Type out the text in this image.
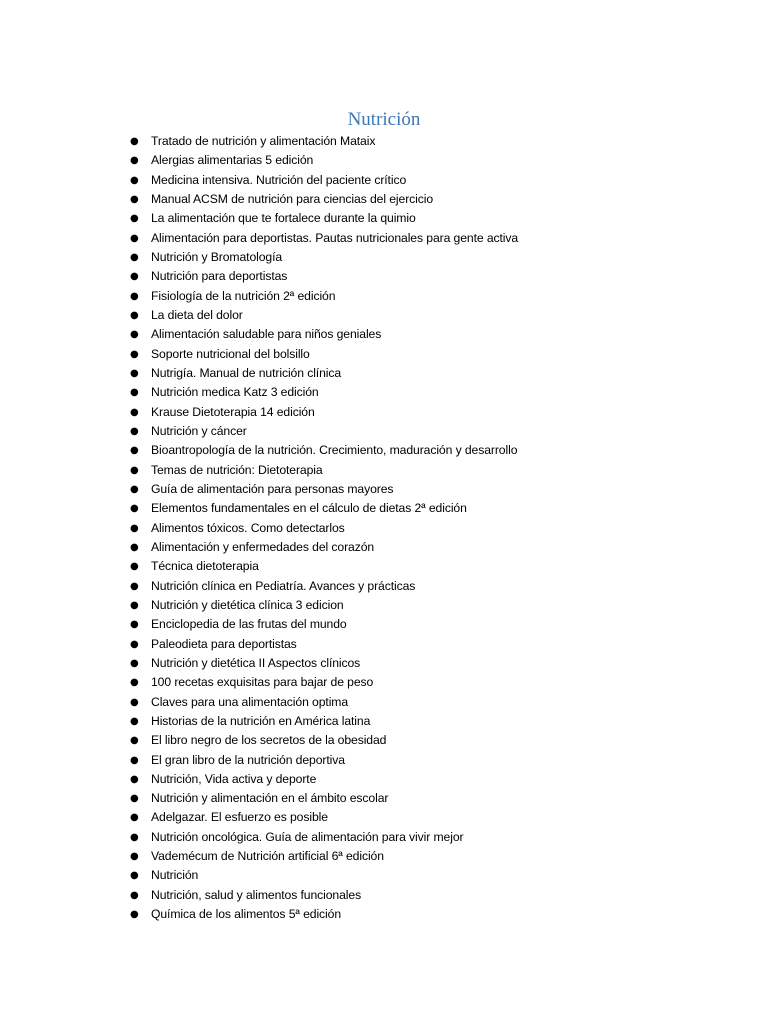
Nutrición
● Tratado de nutrición y alimentación Mataix
● Alergias alimentarias 5 edición
● Medicina intensiva. Nutrición del paciente crítico
● Manual ACSM de nutrición para ciencias del ejercicio
● La alimentación que te fortalece durante la quimio
● Alimentación para deportistas. Pautas nutricionales para gente activa
● Nutrición y Bromatología
● Nutrición para deportistas
● Fisiología de la nutrición 2ª edición
● La dieta del dolor
● Alimentación saludable para niños geniales
● Soporte nutricional del bolsillo
● Nutrigía. Manual de nutrición clínica
● Nutrición medica Katz 3 edición
● Krause Dietoterapia 14 edición
● Nutrición y cáncer
● Bioantropología de la nutrición. Crecimiento, maduración y desarrollo
● Temas de nutrición: Dietoterapia
● Guía de alimentación para personas mayores
● Elementos fundamentales en el cálculo de dietas 2ª edición
● Alimentos tóxicos. Como detectarlos
● Alimentación y enfermedades del corazón
● Técnica dietoterapia
● Nutrición clínica en Pediatría. Avances y prácticas
● Nutrición y dietética clínica 3 edicion
● Enciclopedia de las frutas del mundo
● Paleodieta para deportistas
● Nutrición y dietética II Aspectos clínicos
● 100 recetas exquisitas para bajar de peso
● Claves para una alimentación optima
● Historias de la nutrición en América latina
● El libro negro de los secretos de la obesidad
● El gran libro de la nutrición deportiva
● Nutrición, Vida activa y deporte
● Nutrición y alimentación en el ámbito escolar
● Adelgazar. El esfuerzo es posible
● Nutrición oncológica. Guía de alimentación para vivir mejor
● Vademécum de Nutrición artificial 6ª edición
● Nutrición
● Nutrición, salud y alimentos funcionales
● Química de los alimentos 5ª edición
